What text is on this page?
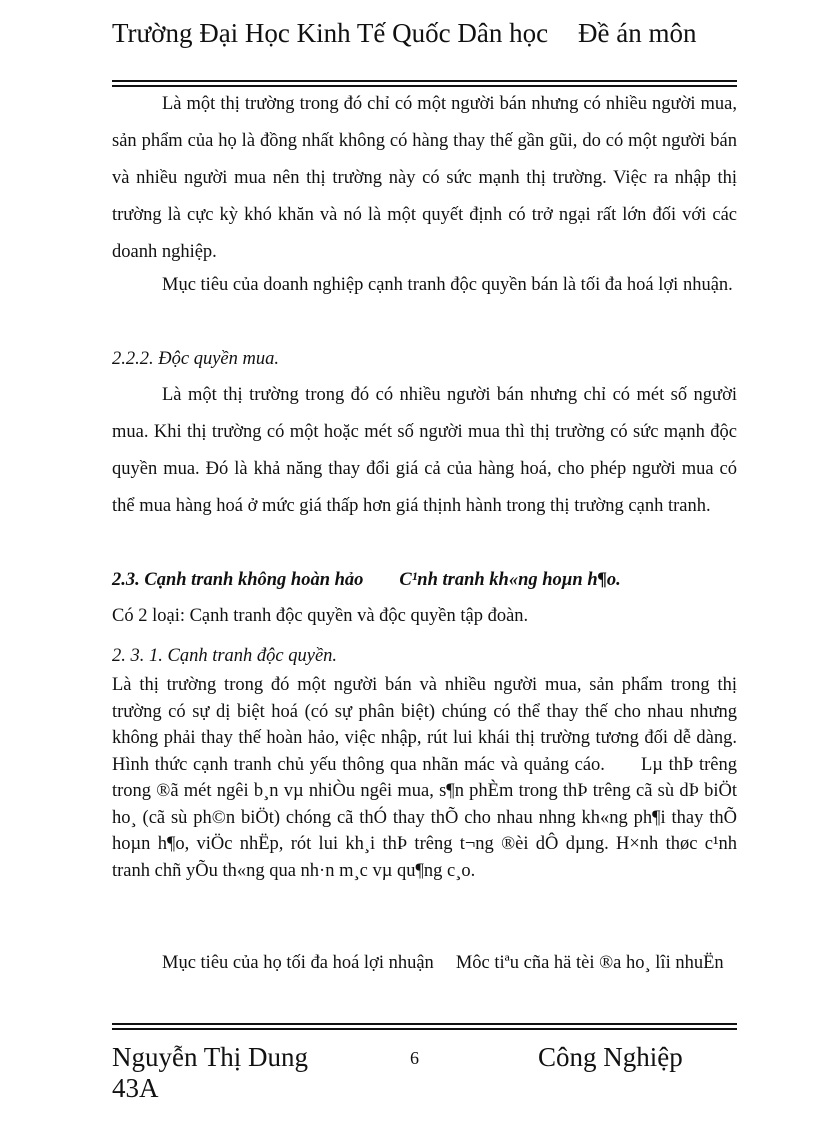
Trường Đại Học Kinh Tế Quốc Dân học Đề án môn
Là một thị trường trong đó chỉ có một người bán nhưng có nhiều người mua, sản phẩm của họ là đồng nhất không có hàng thay thế gần gũi, do có một người bán và nhiều người mua nên thị trường này có sức mạnh thị trường. Việc ra nhập thị trường là cực kỳ khó khăn và nó là một quyết định có trở ngại rất lớn đối với các doanh nghiệp.
Mục tiêu của doanh nghiệp cạnh tranh độc quyền bán là tối đa hoá lợi nhuận.
2.2.2. Độc quyền mua.
Là một thị trường trong đó có nhiều người bán nhưng chỉ có mét số người mua. Khi thị trường có một hoặc mét số người mua thì thị trường có sức mạnh độc quyền mua. Đó là khả năng thay đổi giá cả của hàng hoá, cho phép người mua có thể mua hàng hoá ở mức giá thấp hơn giá thịnh hành trong thị trường cạnh tranh.
2.3. Cạnh tranh không hoàn hảo C¹nh tranh kh«ng hoµn h¶o.
Có 2 loại: Cạnh tranh độc quyền và độc quyền tập đoàn.
2. 3. 1. Cạnh tranh độc quyền.
Là thị trường trong đó một người bán và nhiều người mua, sản phẩm trong thị trường có sự dị biệt hoá (có sự phân biệt) chúng có thể thay thế cho nhau nhưng không phải thay thế hoàn hảo, việc nhập, rút lui khái thị trường tương đối dễ dàng. Hình thức cạnh tranh chủ yếu thông qua nhãn mác và quảng cáo. Lµ thÞ trêng trong ®ã mét ngêi b¸n vµ nhiÒu ngêi mua, s¶n phÈm trong thÞ trêng cã sù dÞ biÖt ho¸ (cã sù ph©n biÖt) chóng cã thÓ thay thÕ cho nhau nhng kh«ng ph¶i thay thÕ hoµn h¶o, viÖc nhËp, rót lui kh¸i thÞ trêng t¬ng ®èi dÔ dµng. H×nh thøc c¹nh tranh chñ yÕu th«ng qua nh·n m¸c vµ qu¶ng c¸o.
Mục tiêu của họ tối đa hoá lợi nhuận Môc tiªu cña hä tèi ®a ho¸ lîi nhuËn
Nguyễn Thị Dung 43A
6	Công Nghiệp
